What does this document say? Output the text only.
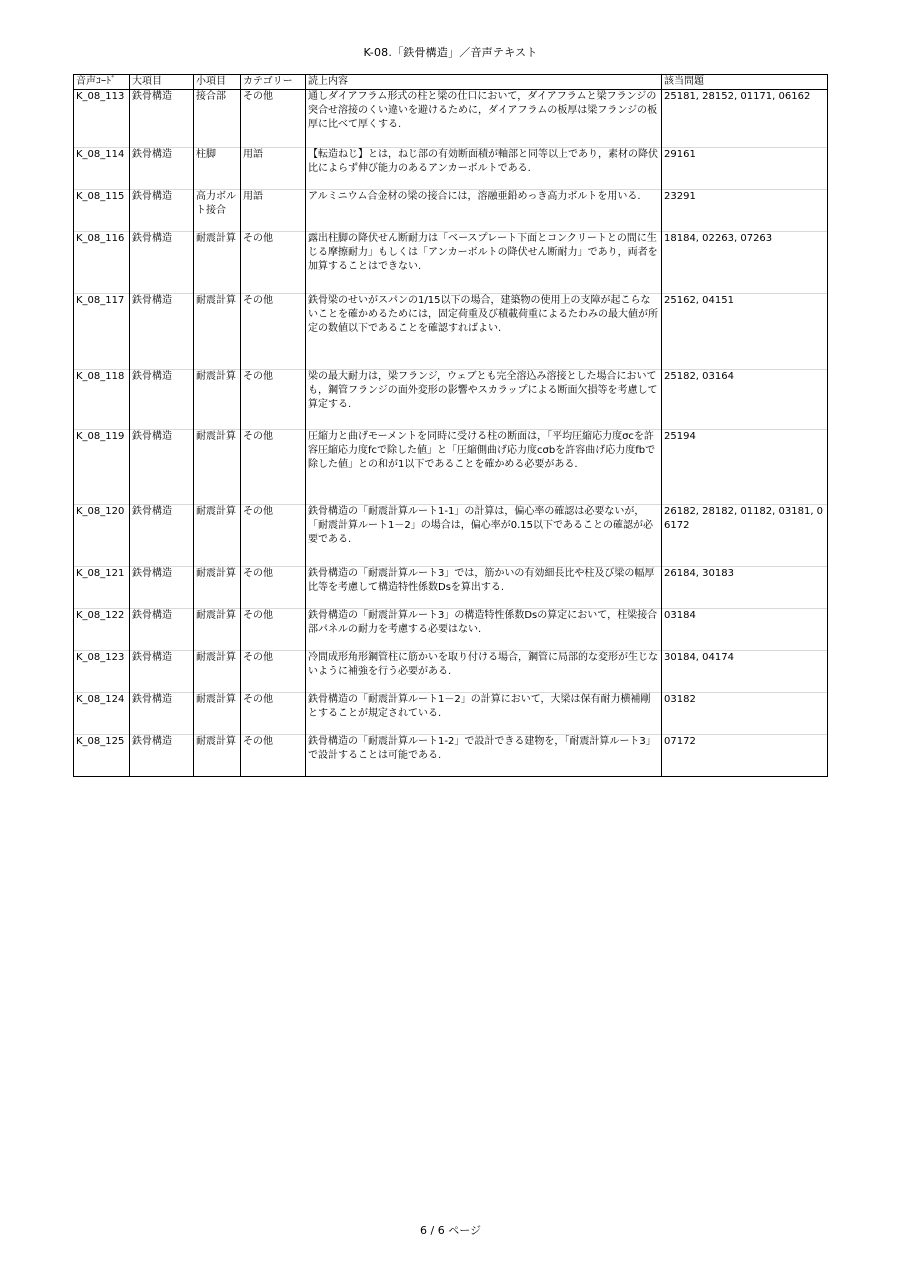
K-08.「鉄骨構造」／音声テキスト
音声ｺｰﾄﾞ	大項目	小項目	カテゴリー	読上内容	該当問題
K_08_113	鉄骨構造	接合部	その他	通しダイアフラム形式の柱と梁の仕口において，ダイアフラムと梁フランジの突合せ溶接のくい違いを避けるために，ダイアフラムの板厚は梁フランジの板厚に比べて厚くする.	25181, 28152, 01171, 06162
K_08_114	鉄骨構造	柱脚	用語	【転造ねじ】とは，ねじ部の有効断面積が軸部と同等以上であり，素材の降伏比によらず伸び能力のあるアンカーボルトである.	29161
K_08_115	鉄骨構造	高力ボルト接合	用語	アルミニウム合金材の梁の接合には，溶融亜鉛めっき高力ボルトを用いる.	23291
K_08_116	鉄骨構造	耐震計算	その他	露出柱脚の降伏せん断耐力は「ベースプレート下面とコンクリートとの間に生じる摩擦耐力」もしくは「アンカーボルトの降伏せん断耐力」であり，両者を加算することはできない.	18184, 02263, 07263
K_08_117	鉄骨構造	耐震計算	その他	鉄骨梁のせいがスパンの1/15以下の場合，建築物の使用上の支障が起こらないことを確かめるためには，固定荷重及び積載荷重によるたわみの最大値が所定の数値以下であることを確認すればよい.	25162, 04151
K_08_118	鉄骨構造	耐震計算	その他	梁の最大耐力は，梁フランジ，ウェブとも完全溶込み溶接とした場合においても，鋼管フランジの面外変形の影響やスカラップによる断面欠損等を考慮して算定する.	25182, 03164
K_08_119	鉄骨構造	耐震計算	その他	圧縮力と曲げモーメントを同時に受ける柱の断面は，「平均圧縮応力度σcを許容圧縮応力度fcで除した値」と「圧縮側曲げ応力度cσbを許容曲げ応力度fbで除した値」との和が1以下であることを確かめる必要がある.	25194
K_08_120	鉄骨構造	耐震計算	その他	鉄骨構造の「耐震計算ルート1-1」の計算は，偏心率の確認は必要ないが，「耐震計算ルート1－2」の場合は，偏心率が0.15以下であることの確認が必要である.	26182, 28182, 01182, 03181, 06172
K_08_121	鉄骨構造	耐震計算	その他	鉄骨構造の「耐震計算ルート3」では，筋かいの有効細長比や柱及び梁の幅厚比等を考慮して構造特性係数Dsを算出する.	26184, 30183
K_08_122	鉄骨構造	耐震計算	その他	鉄骨構造の「耐震計算ルート3」の構造特性係数Dsの算定において，柱梁接合部パネルの耐力を考慮する必要はない.	03184
K_08_123	鉄骨構造	耐震計算	その他	冷間成形角形鋼管柱に筋かいを取り付ける場合，鋼管に局部的な変形が生じないように補強を行う必要がある.	30184, 04174
K_08_124	鉄骨構造	耐震計算	その他	鉄骨構造の「耐震計算ルート1－2」の計算において，大梁は保有耐力横補剛とすることが規定されている.	03182
K_08_125	鉄骨構造	耐震計算	その他	鉄骨構造の「耐震計算ルート1-2」で設計できる建物を，「耐震計算ルート3」で設計することは可能である.	07172
6 / 6 ページ
